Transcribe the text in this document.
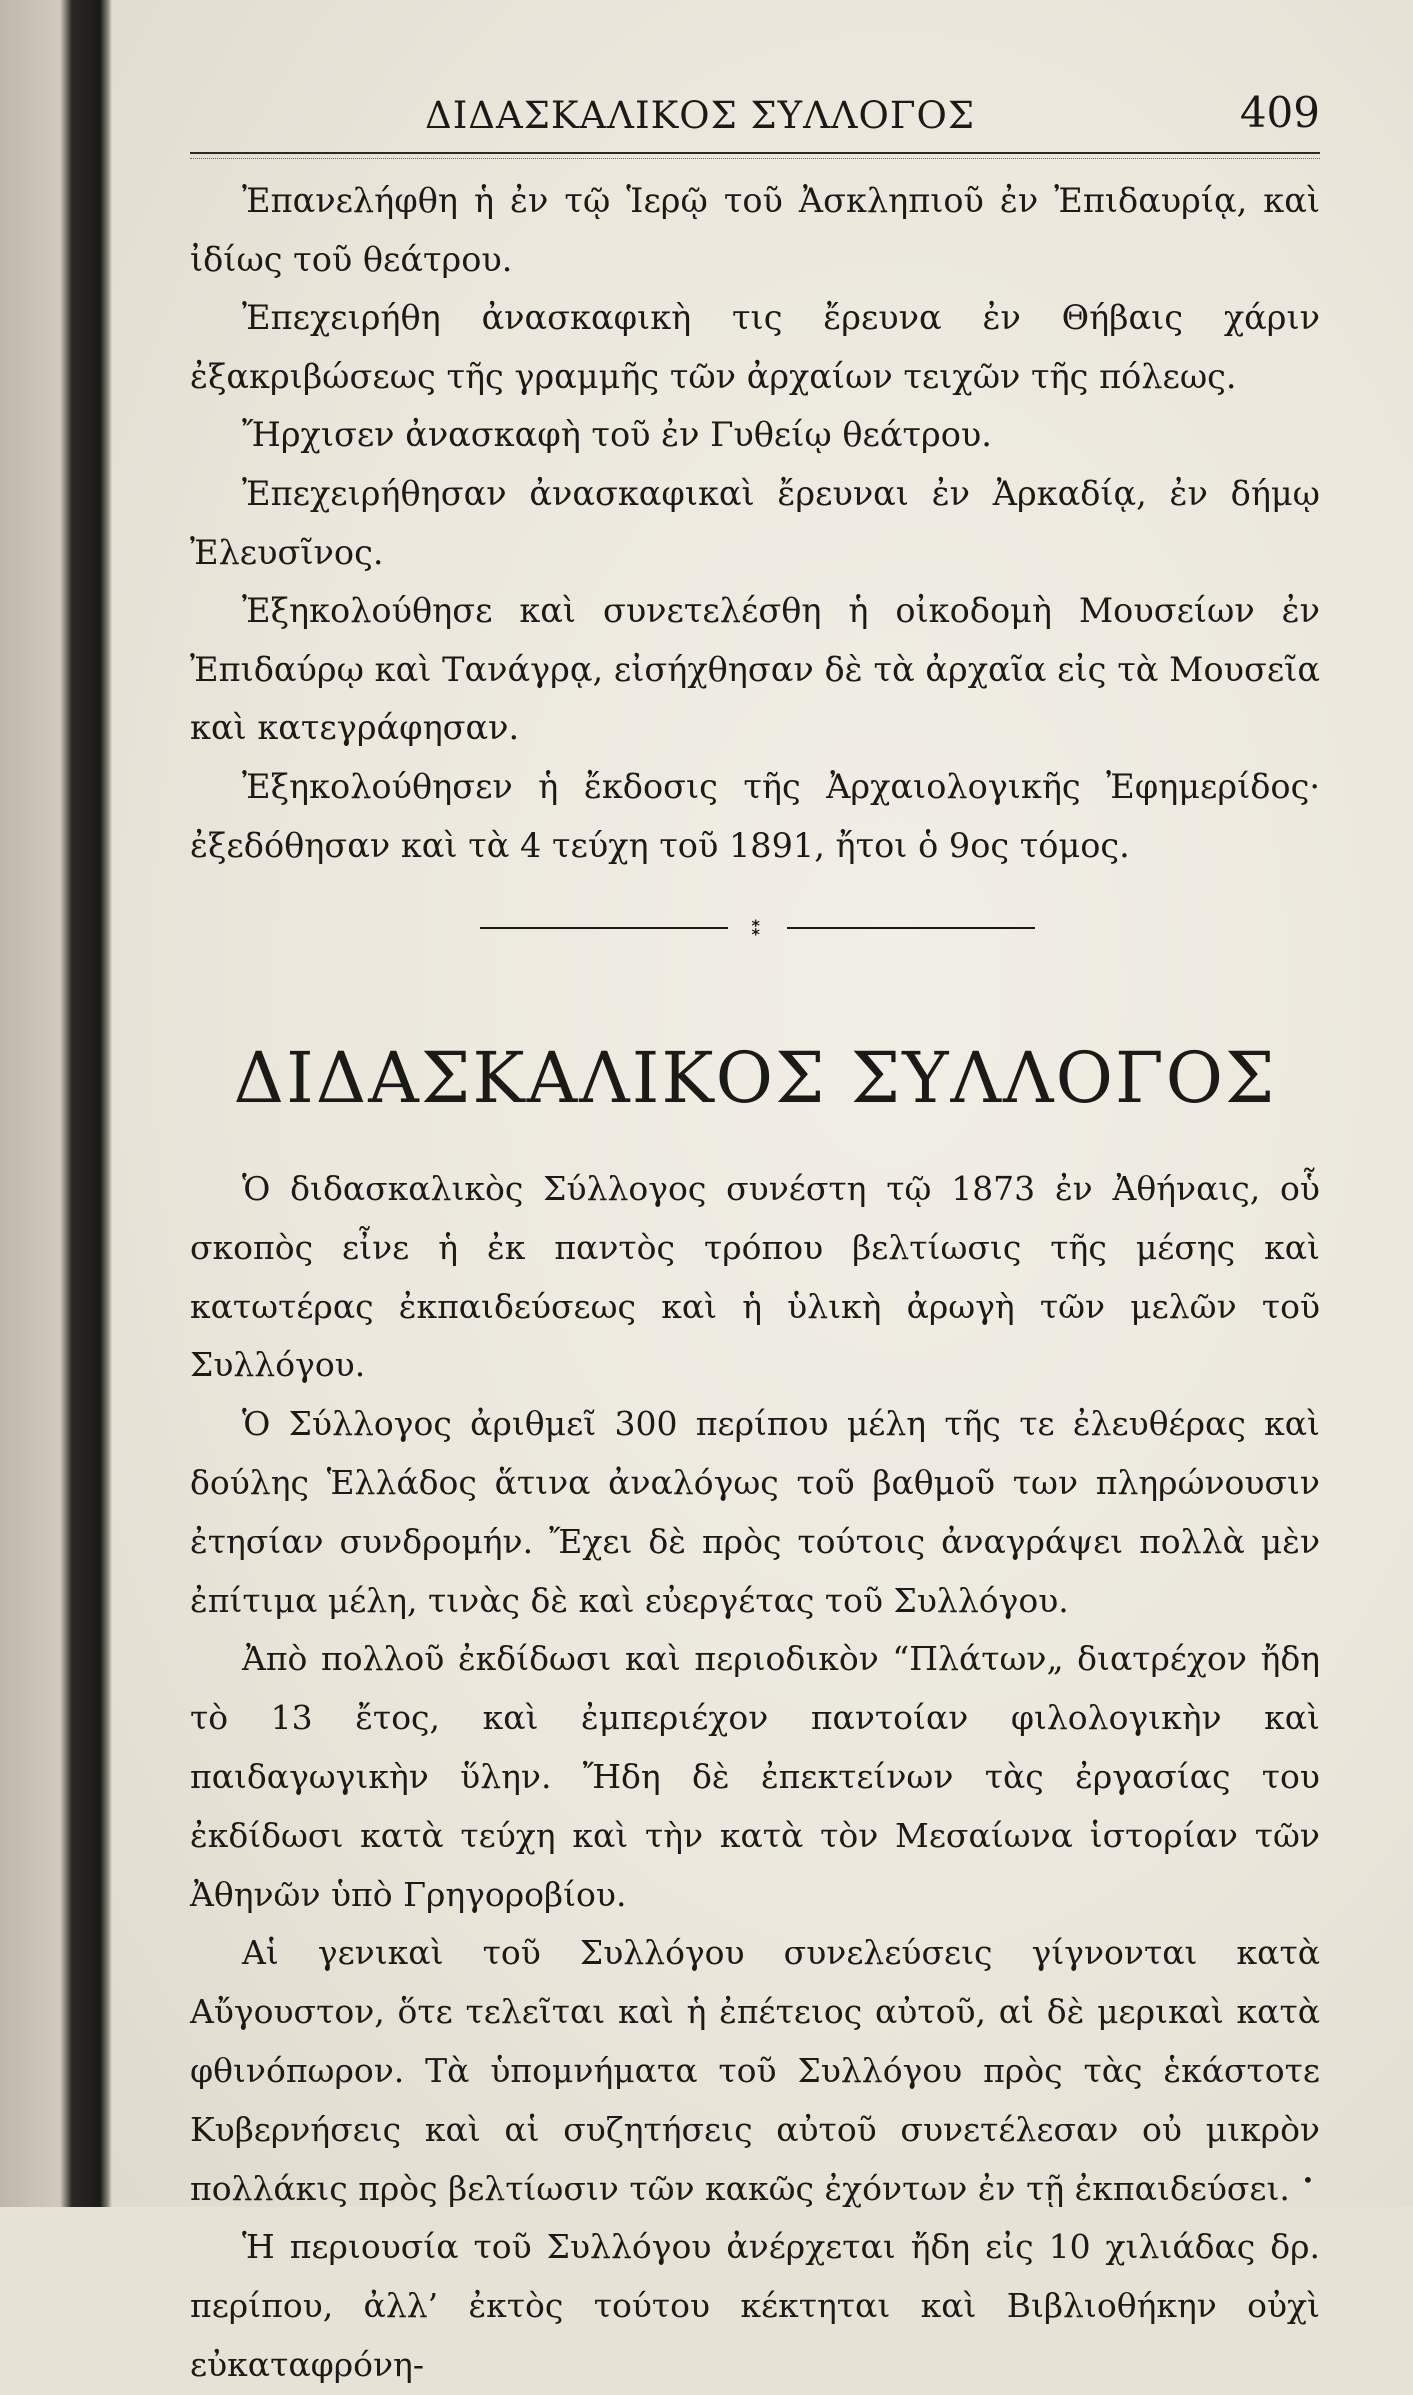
ΔΙΔΑΣΚΑΛΙΚΟΣ ΣΥΛΛΟΓΟΣ	409

Ἐπανελήφθη ἡ ἐν τῷ Ἱερῷ τοῦ Ἀσκληπιοῦ ἐν Ἐπιδαυρίᾳ, καὶ ἰδίως τοῦ θεάτρου.

Ἐπεχειρήθη ἀνασκαφικὴ τις ἔρευνα ἐν Θήβαις χάριν ἐξακριβώσεως τῆς γραμμῆς τῶν ἀρχαίων τειχῶν τῆς πόλεως.

Ἤρχισεν ἀνασκαφὴ τοῦ ἐν Γυθείῳ θεάτρου.

Ἐπεχειρήθησαν ἀνασκαφικαὶ ἔρευναι ἐν Ἀρκαδίᾳ, ἐν δήμῳ Ἐλευσῖνος.

Ἐξηκολούθησε καὶ συνετελέσθη ἡ οἰκοδομὴ Μουσείων ἐν Ἐπιδαύρῳ καὶ Τανάγρᾳ, εἰσήχθησαν δὲ τὰ ἀρχαῖα εἰς τὰ Μουσεῖα καὶ κατεγράφησαν.

Ἐξηκολούθησεν ἡ ἔκδοσις τῆς Ἀρχαιολογικῆς Ἐφημερίδος· ἐξεδόθησαν καὶ τὰ 4 τεύχη τοῦ 1891, ἤτοι ὁ 9ος τόμος.

⁑
ΔΙΔΑΣΚΑΛΙΚΟΣ ΣΥΛΛΟΓΟΣ

Ὁ διδασκαλικὸς Σύλλογος συνέστη τῷ 1873 ἐν Ἀθήναις, οὗ σκοπὸς εἶνε ἡ ἐκ παντὸς τρόπου βελτίωσις τῆς μέσης καὶ κατωτέρας ἐκπαιδεύσεως καὶ ἡ ὑλικὴ ἀρωγὴ τῶν μελῶν τοῦ Συλλόγου.

Ὁ Σύλλογος ἀριθμεῖ 300 περίπου μέλη τῆς τε ἐλευθέρας καὶ δούλης Ἑλλάδος ἅτινα ἀναλόγως τοῦ βαθμοῦ των πληρώνουσιν ἐτησίαν συνδρομήν. Ἔχει δὲ πρὸς τούτοις ἀναγράψει πολλὰ μὲν ἐπίτιμα μέλη, τινὰς δὲ καὶ εὐεργέτας τοῦ Συλλόγου.

Ἀπὸ πολλοῦ ἐκδίδωσι καὶ περιοδικὸν “Πλάτων„ διατρέχον ἤδη τὸ 13 ἔτος, καὶ ἐμπεριέχον παντοίαν φιλολογικὴν καὶ παιδαγωγικὴν ὕλην. Ἤδη δὲ ἐπεκτείνων τὰς ἐργασίας του ἐκδίδωσι κατὰ τεύχη καὶ τὴν κατὰ τὸν Μεσαίωνα ἱστορίαν τῶν Ἀθηνῶν ὑπὸ Γρηγοροβίου.

Αἱ γενικαὶ τοῦ Συλλόγου συνελεύσεις γίγνονται κατὰ Αὔγουστον, ὅτε τελεῖται καὶ ἡ ἐπέτειος αὐτοῦ, αἱ δὲ μερικαὶ κατὰ φθινόπωρον. Τὰ ὑπομνήματα τοῦ Συλλόγου πρὸς τὰς ἑκάστοτε Κυβερνήσεις καὶ αἱ συζητήσεις αὐτοῦ συνετέλεσαν οὐ μικρὸν πολλάκις πρὸς βελτίωσιν τῶν κακῶς ἐχόντων ἐν τῇ ἐκπαιδεύσει.

Ἡ περιουσία τοῦ Συλλόγου ἀνέρχεται ἤδη εἰς 10 χιλιάδας δρ. περίπου, ἀλλ’ ἐκτὸς τούτου κέκτηται καὶ Βιβλιοθήκην οὐχὶ εὐκαταφρόνη-

•
